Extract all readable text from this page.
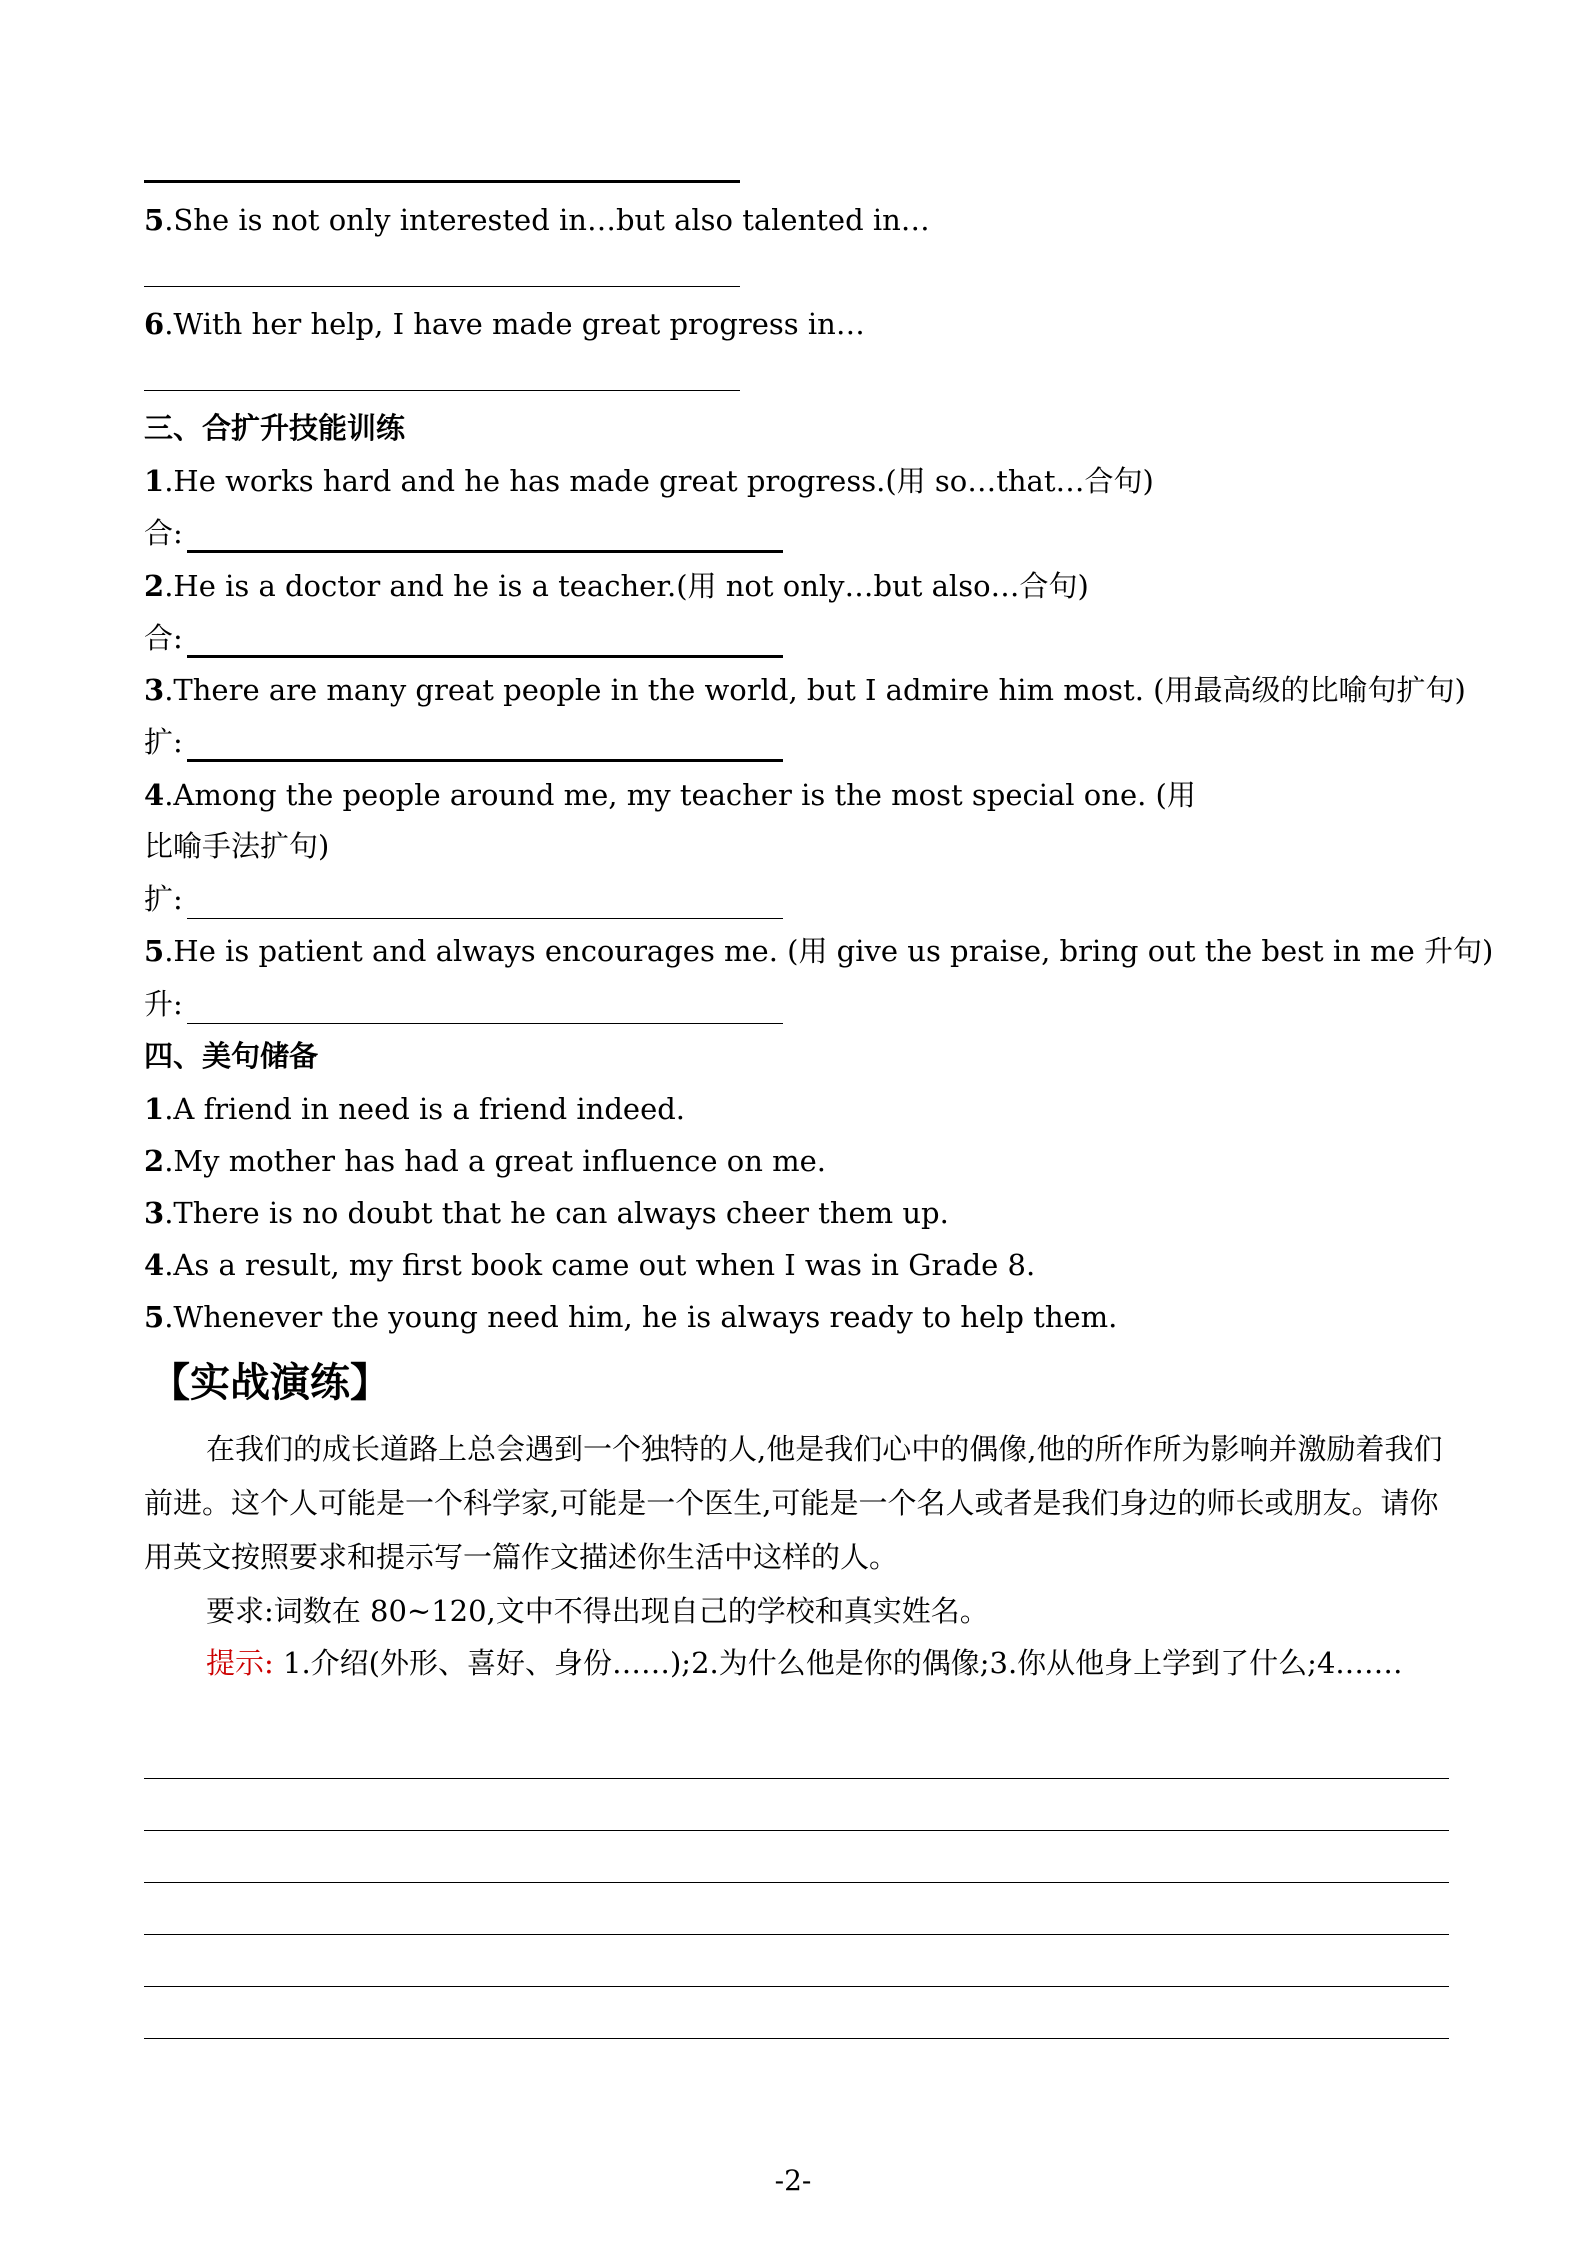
5.She is not only interested in…but also talented in…
6.With her help, I have made great progress in…
三、合扩升技能训练
1.He works hard and he has made great progress.(用 so…that…合句)
合:
2.He is a doctor and he is a teacher.(用 not only…but also…合句)
合:
3.There are many great people in the world, but I admire him most. (用最高级的比喻句扩句)
扩:
4.Among the people around me, my teacher is the most special one. (用
比喻手法扩句)
扩:
5.He is patient and always encourages me. (用 give us praise, bring out the best in me 升句)
升:
四、美句储备
1.A friend in need is a friend indeed.
2.My mother has had a great influence on me.
3.There is no doubt that he can always cheer them up.
4.As a result, my first book came out when I was in Grade 8.
5.Whenever the young need him, he is always ready to help them.
【实战演练】
在我们的成长道路上总会遇到一个独特的人,他是我们心中的偶像,他的所作所为影响并激励着我们前进。这个人可能是一个科学家,可能是一个医生,可能是一个名人或者是我们身边的师长或朋友。请你用英文按照要求和提示写一篇作文描述你生活中这样的人。
要求:词数在 80~120,文中不得出现自己的学校和真实姓名。
提示: 1.介绍(外形、喜好、身份……);2.为什么他是你的偶像;3.你从他身上学到了什么;4.……
-2-
